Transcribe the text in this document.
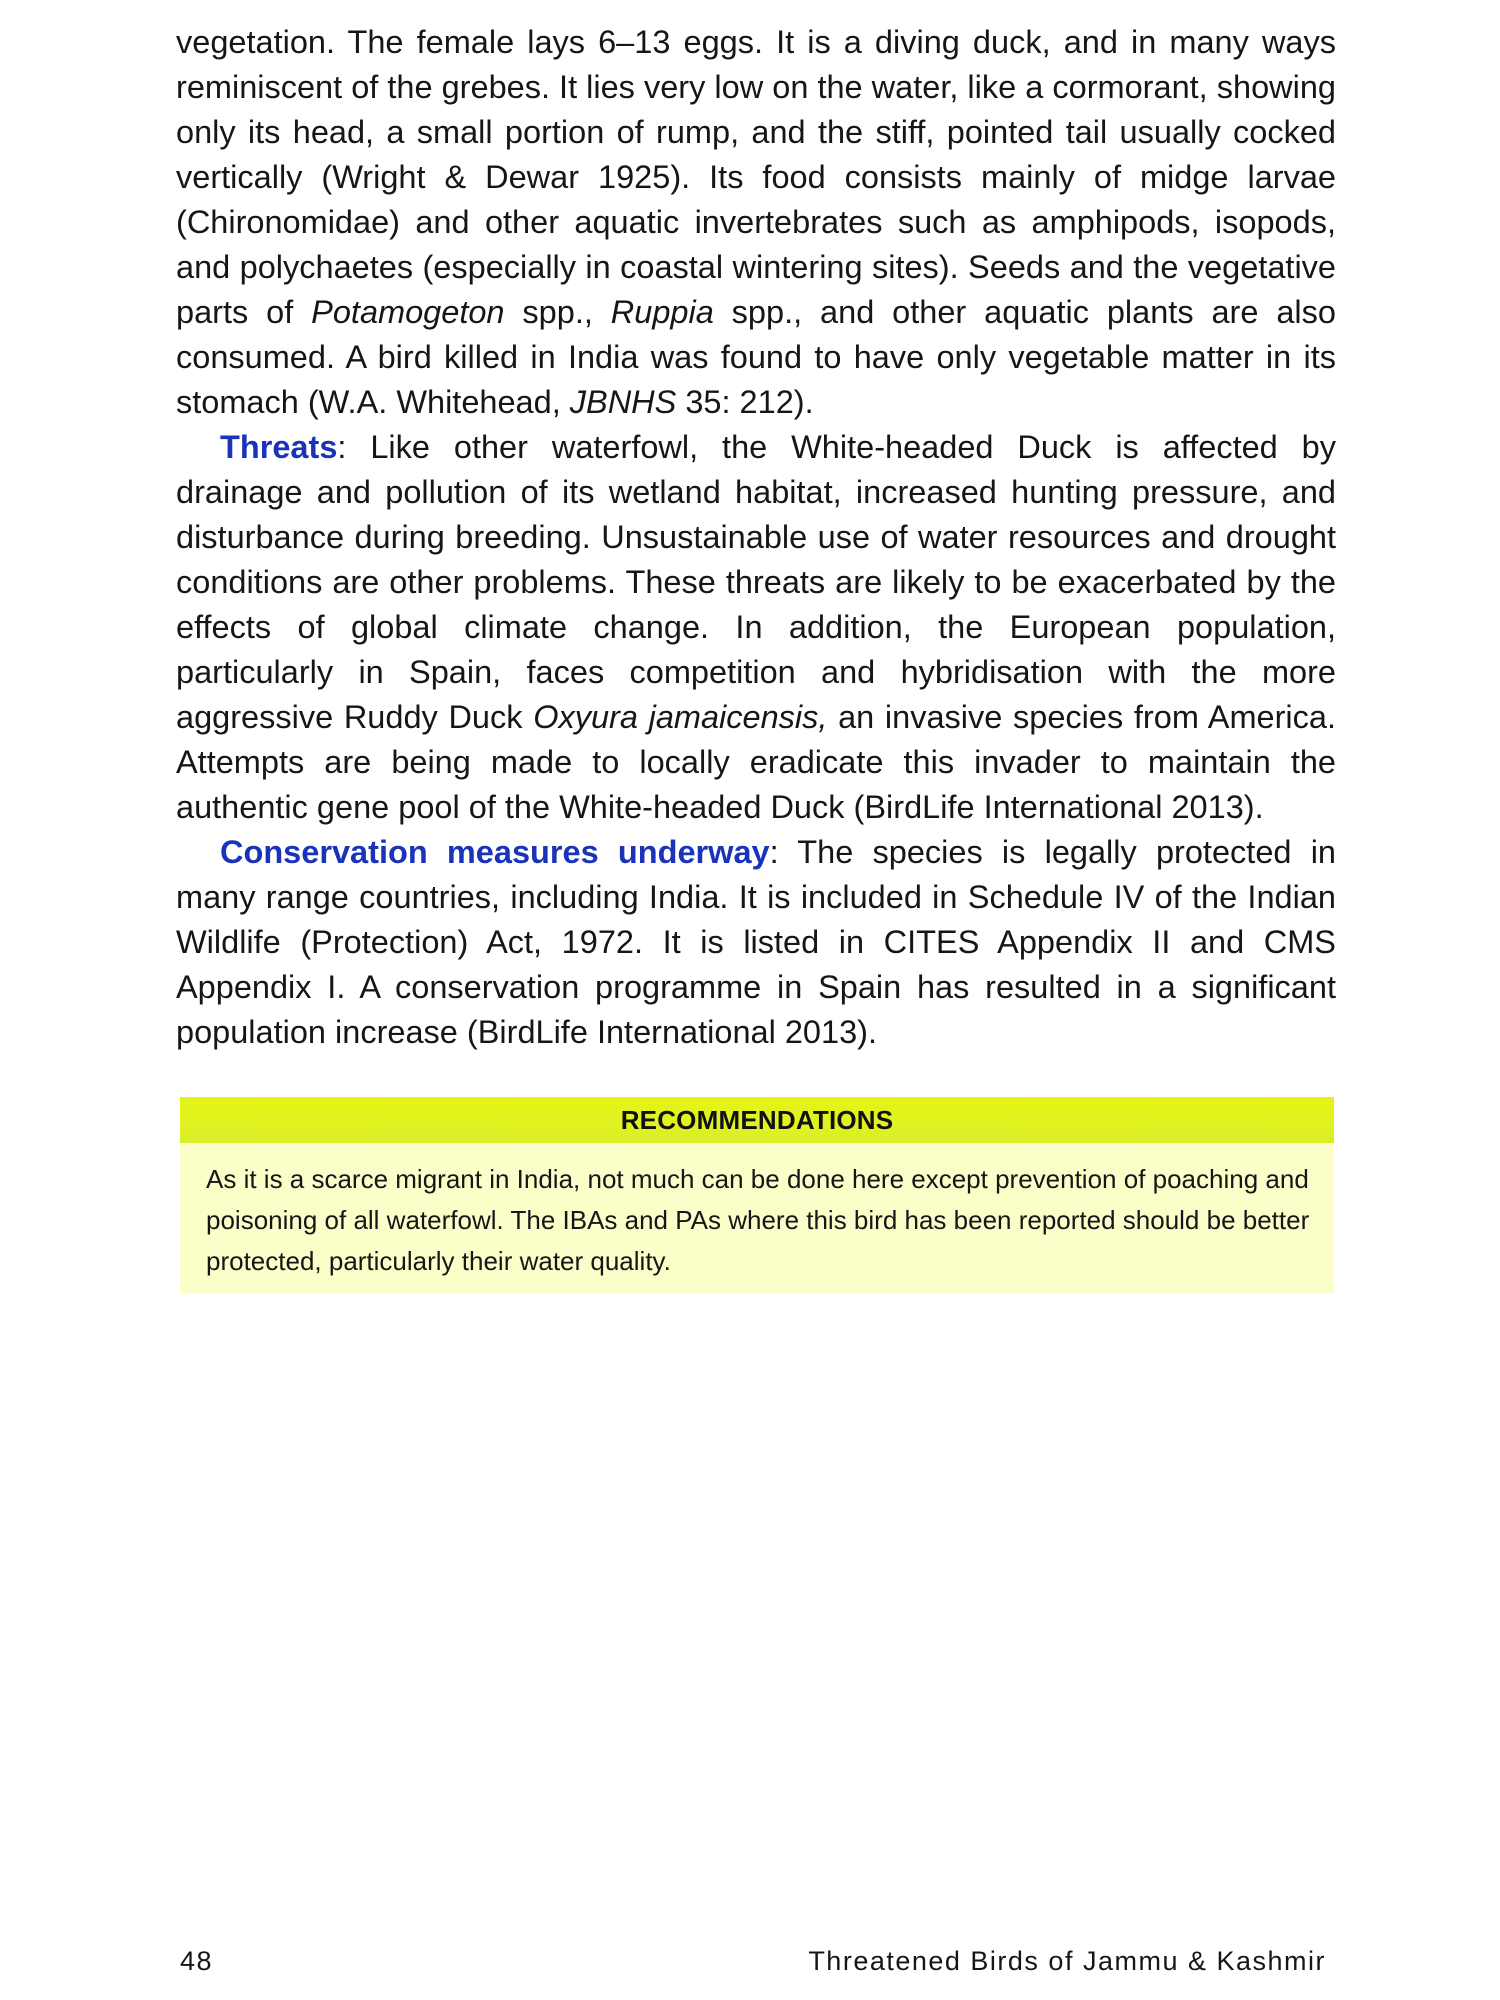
vegetation. The female lays 6–13 eggs. It is a diving duck, and in many ways reminiscent of the grebes. It lies very low on the water, like a cormorant, showing only its head, a small portion of rump, and the stiff, pointed tail usually cocked vertically (Wright & Dewar 1925). Its food consists mainly of midge larvae (Chironomidae) and other aquatic invertebrates such as amphipods, isopods, and polychaetes (especially in coastal wintering sites). Seeds and the vegetative parts of Potamogeton spp., Ruppia spp., and other aquatic plants are also consumed. A bird killed in India was found to have only vegetable matter in its stomach (W.A. Whitehead, JBNHS 35: 212).

Threats: Like other waterfowl, the White-headed Duck is affected by drainage and pollution of its wetland habitat, increased hunting pressure, and disturbance during breeding. Unsustainable use of water resources and drought conditions are other problems. These threats are likely to be exacerbated by the effects of global climate change. In addition, the European population, particularly in Spain, faces competition and hybridisation with the more aggressive Ruddy Duck Oxyura jamaicensis, an invasive species from America. Attempts are being made to locally eradicate this invader to maintain the authentic gene pool of the White-headed Duck (BirdLife International 2013).

Conservation measures underway: The species is legally protected in many range countries, including India. It is included in Schedule IV of the Indian Wildlife (Protection) Act, 1972. It is listed in CITES Appendix II and CMS Appendix I. A conservation programme in Spain has resulted in a significant population increase (BirdLife International 2013).

RECOMMENDATIONS
As it is a scarce migrant in India, not much can be done here except prevention of poaching and poisoning of all waterfowl. The IBAs and PAs where this bird has been reported should be better protected, particularly their water quality.
48	Threatened Birds of Jammu & Kashmir
